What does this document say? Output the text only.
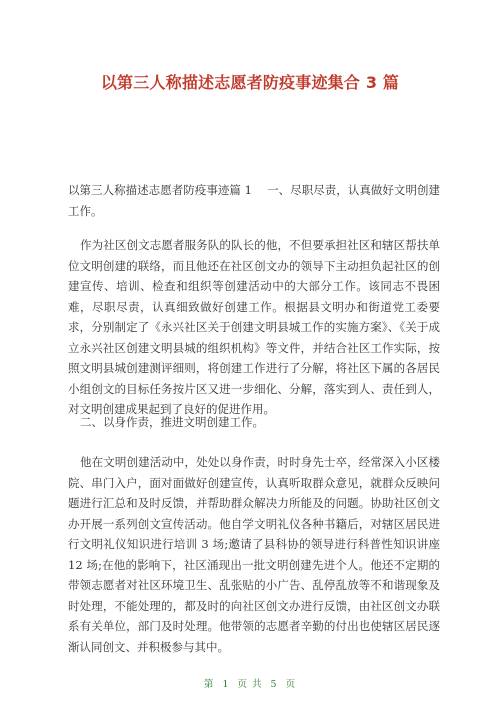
以第三人称描述志愿者防疫事迹集合 3 篇
以第三人称描述志愿者防疫事迹篇 1　 一、尽职尽责，认真做好文明创建工作。
作为社区创文志愿者服务队的队长的他，不但要承担社区和辖区帮扶单位文明创建的联络，而且他还在社区创文办的领导下主动担负起社区的创建宣传、培训、检查和组织等创建活动中的大部分工作。该同志不畏困难，尽职尽责，认真细致做好创建工作。根据县文明办和街道党工委要求，分别制定了《永兴社区关于创建文明县城工作的实施方案》、《关于成立永兴社区创建文明县城的组织机构》等文件，并结合社区工作实际，按照文明县城创建测评细则，将创建工作进行了分解，将社区下属的各居民小组创文的目标任务按片区又进一步细化、分解，落实到人、责任到人，对文明创建成果起到了良好的促进作用。
二、以身作责，推进文明创建工作。
他在文明创建活动中，处处以身作责，时时身先士卒，经常深入小区楼院、串门入户，面对面做好创建宣传，认真听取群众意见，就群众反映问题进行汇总和及时反馈，并帮助群众解决力所能及的问题。协助社区创文办开展一系列创文宣传活动。他自学文明礼仪各种书籍后，对辖区居民进行文明礼仪知识进行培训 3 场;邀请了县科协的领导进行科普性知识讲座 12 场;在他的影响下，社区涌现出一批文明创建先进个人。他还不定期的带领志愿者对社区环境卫生、乱张贴的小广告、乱停乱放等不和谐现象及时处理，不能处理的，都及时的向社区创文办进行反馈，由社区创文办联系有关单位，部门及时处理。他带领的志愿者辛勤的付出也使辖区居民逐渐认同创文、并积极参与其中。
第 1 页 共 5 页
